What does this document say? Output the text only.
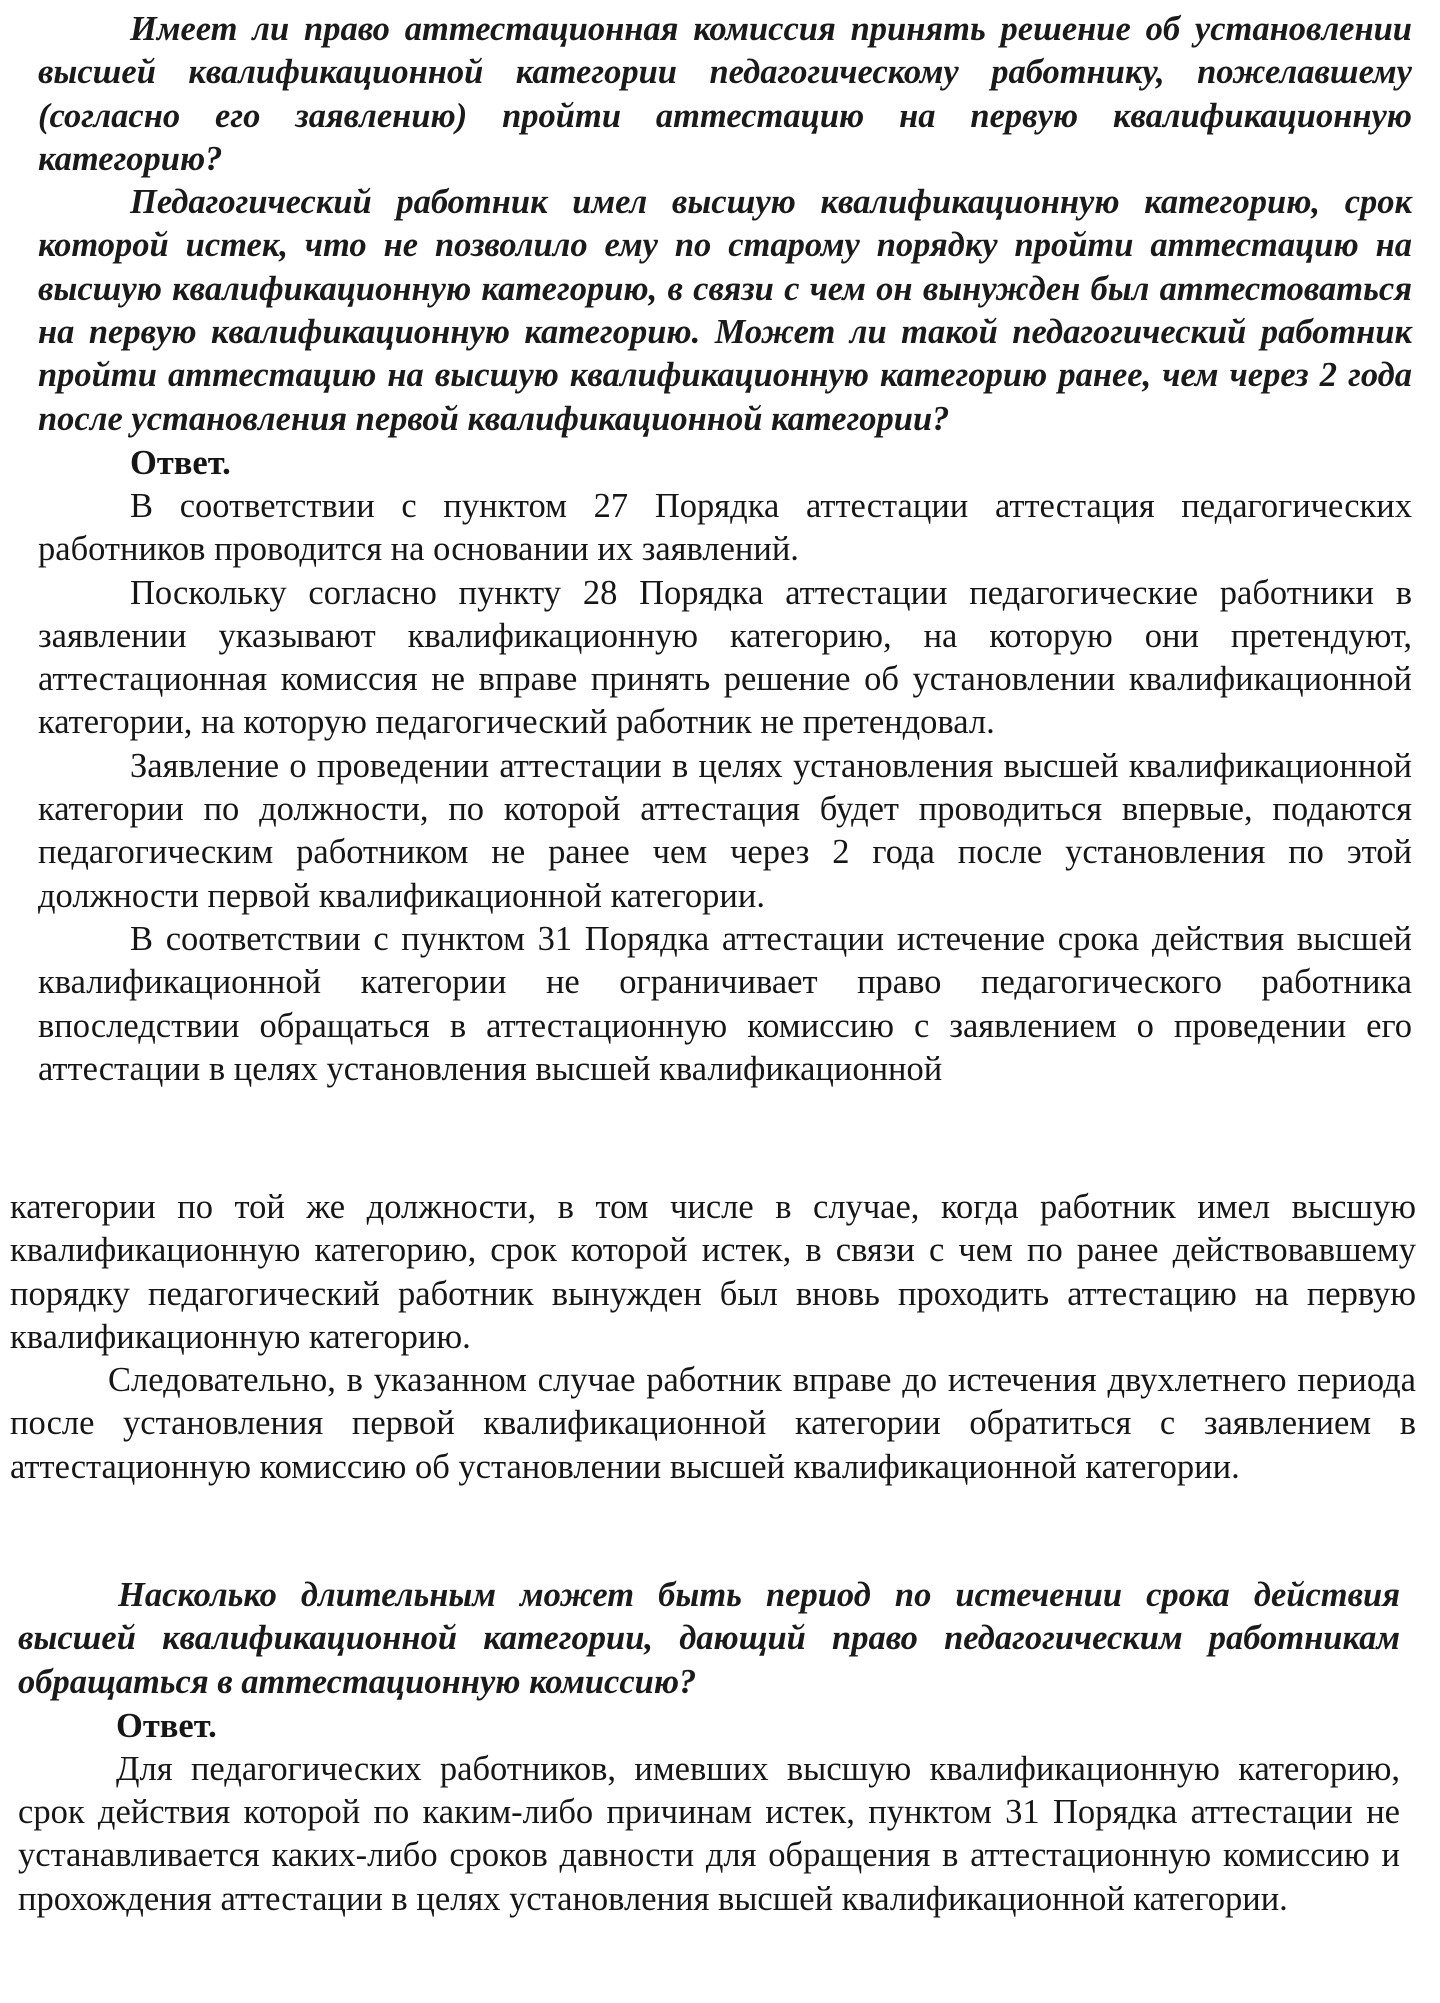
Имеет ли право аттестационная комиссия принять решение об установлении высшей квалификационной категории педагогическому работнику, пожелавшему (согласно его заявлению) пройти аттестацию на первую квалификационную категорию?

Педагогический работник имел высшую квалификационную категорию, срок которой истек, что не позволило ему по старому порядку пройти аттестацию на высшую квалификационную категорию, в связи с чем он вынужден был аттестоваться на первую квалификационную категорию. Может ли такой педагогический работник пройти аттестацию на высшую квалификационную категорию ранее, чем через 2 года после установления первой квалификационной категории?

Ответ.

В соответствии с пунктом 27 Порядка аттестации аттестация педагогических работников проводится на основании их заявлений.

Поскольку согласно пункту 28 Порядка аттестации педагогические работники в заявлении указывают квалификационную категорию, на которую они претендуют, аттестационная комиссия не вправе принять решение об установлении квалификационной категории, на которую педагогический работник не претендовал.

Заявление о проведении аттестации в целях установления высшей квалификационной категории по должности, по которой аттестация будет проводиться впервые, подаются педагогическим работником не ранее чем через 2 года после установления по этой должности первой квалификационной категории.

В соответствии с пунктом 31 Порядка аттестации истечение срока действия высшей квалификационной категории не ограничивает право педагогического работника впоследствии обращаться в аттестационную комиссию с заявлением о проведении его аттестации в целях установления высшей квалификационной

категории по той же должности, в том числе в случае, когда работник имел высшую квалификационную категорию, срок которой истек, в связи с чем по ранее действовавшему порядку педагогический работник вынужден был вновь проходить аттестацию на первую квалификационную категорию.

Следовательно, в указанном случае работник вправе до истечения двухлетнего периода после установления первой квалификационной категории обратиться с заявлением в аттестационную комиссию об установлении высшей квалификационной категории.

Насколько длительным может быть период по истечении срока действия высшей квалификационной категории, дающий право педагогическим работникам обращаться в аттестационную комиссию?

Ответ.

Для педагогических работников, имевших высшую квалификационную категорию, срок действия которой по каким-либо причинам истек, пунктом 31 Порядка аттестации не устанавливается каких-либо сроков давности для обращения в аттестационную комиссию и прохождения аттестации в целях установления высшей квалификационной категории.
